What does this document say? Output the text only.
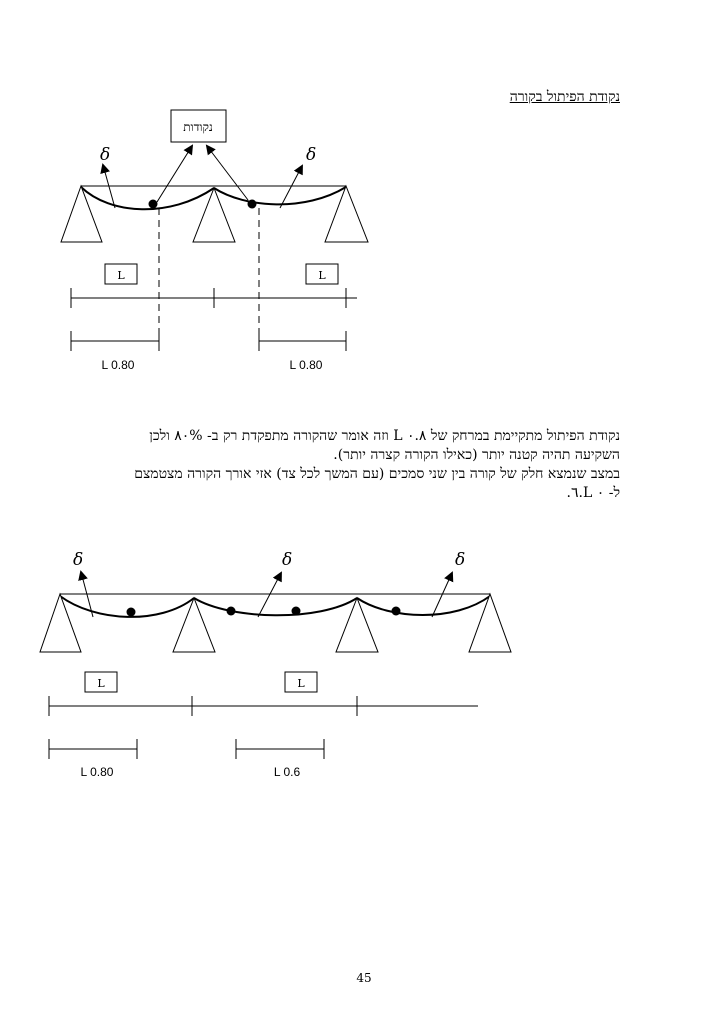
נקודת הפיתול בקורה
נקודות
δ	δ
L	L
L 0.80	L 0.80
δ	δ	δ
L	L
L 0.80	L 0.6
נקודת הפיתול מתקיימת במרחק של L ۰.۸ וזה אומר שהקורה מתפקדת רק ב- ۸۰% ולכן
השקיעה תהיה קטנה יותר (כאילו הקורה קצרה יותר).
במצב שנמצא חלק של קורה בין שני סמכים (עם המשך לכל צד) אזי אורך הקורה מצטמצם
ל- L ۰.٦.
45
